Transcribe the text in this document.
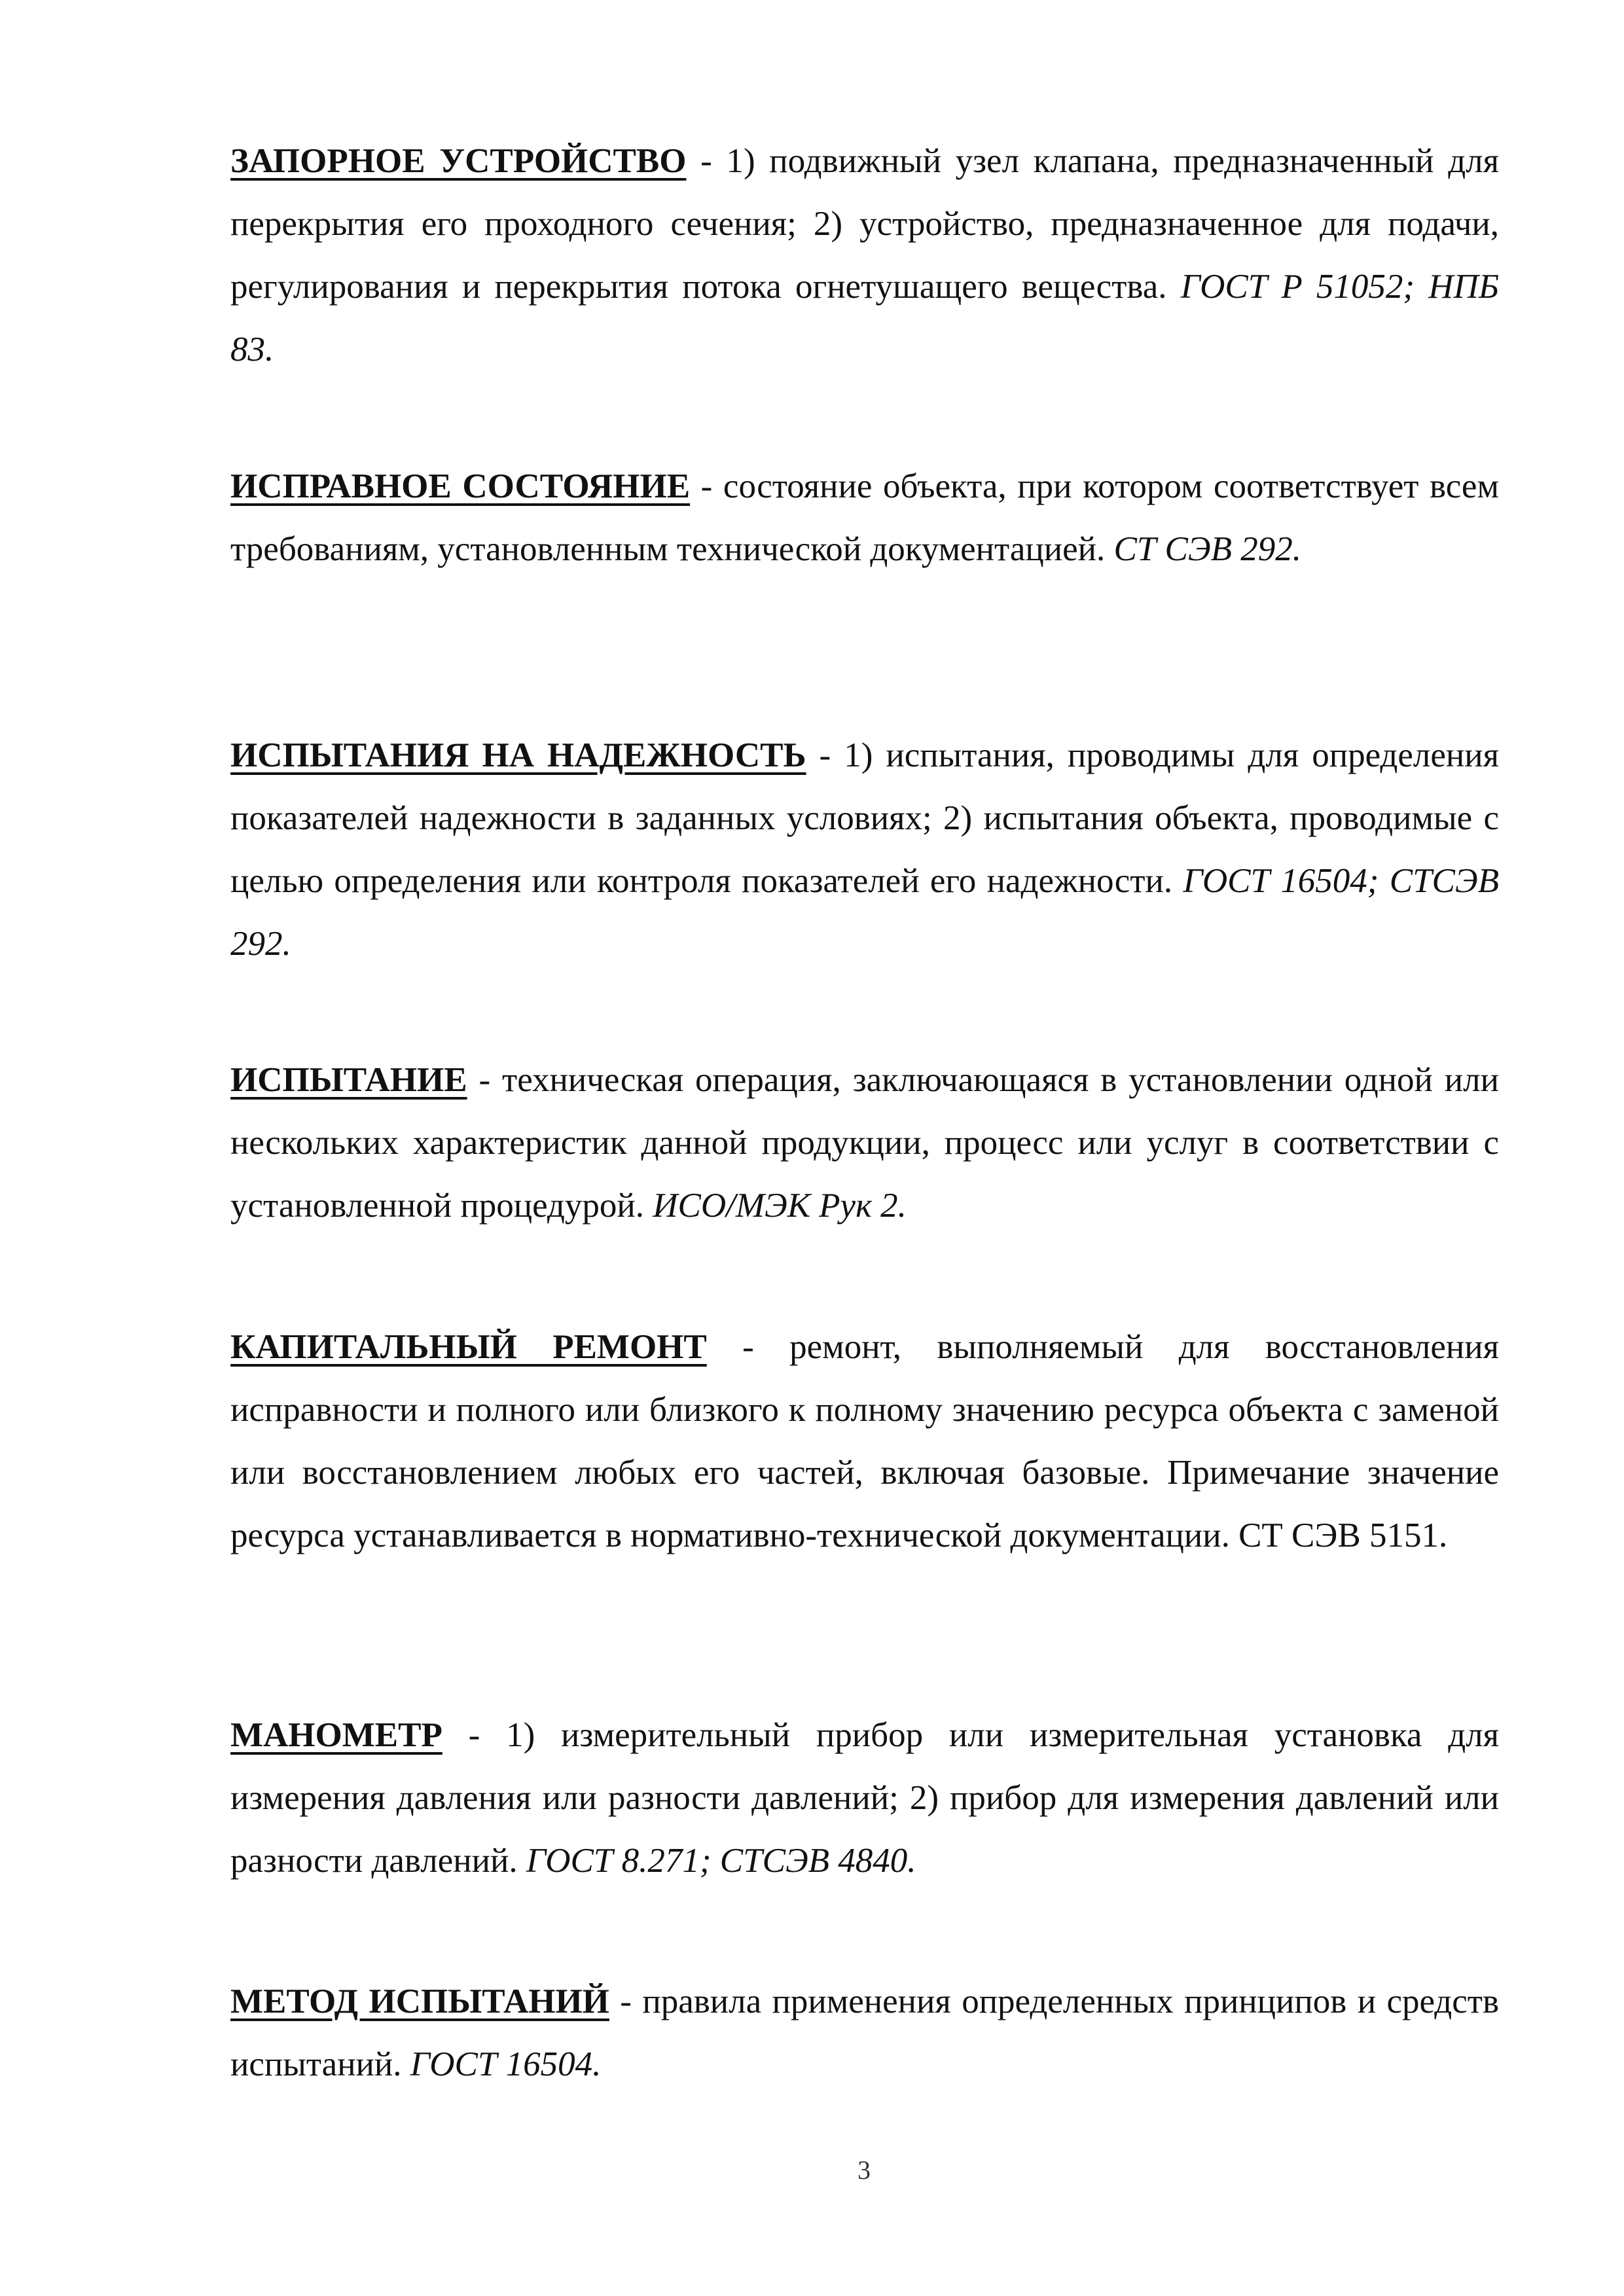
ЗАПОРНОЕ УСТРОЙСТВО - 1) подвижный узел клапана, предназначенный для перекрытия его проходного сечения; 2) устройство, предназначенное для подачи, регулирования и перекрытия потока огнетушащего вещества. ГОСТ Р 51052; НПБ 83.

ИСПРАВНОЕ СОСТОЯНИЕ - состояние объекта, при котором соответствует всем требованиям, установленным технической документацией. СТ СЭВ 292.

ИСПЫТАНИЯ НА НАДЕЖНОСТЬ - 1) испытания, проводимы для определения показателей надежности в заданных условиях; 2) испытания объекта, проводимые с целью определения или контроля показателей его надежности. ГОСТ 16504; СТСЭВ 292.

ИСПЫТАНИЕ - техническая операция, заключающаяся в установлении одной или нескольких характеристик данной продукции, процесс или услуг в соответствии с установленной процедурой. ИСО/МЭК Рук 2.

КАПИТАЛЬНЫЙ РЕМОНТ - ремонт, выполняемый для восстановления исправности и полного или близкого к полному значению ресурса объекта с заменой или восстановлением любых его частей, включая базовые. Примечание значение ресурса устанавливается в нормативно-технической документации. СТ СЭВ 5151.

МАНОМЕТР - 1) измерительный прибор или измерительная установка для измерения давления или разности давлений; 2) прибор для измерения давлений или разности давлений. ГОСТ 8.271; СТСЭВ 4840.

МЕТОД ИСПЫТАНИЙ - правила применения определенных принципов и средств испытаний. ГОСТ 16504.

3
